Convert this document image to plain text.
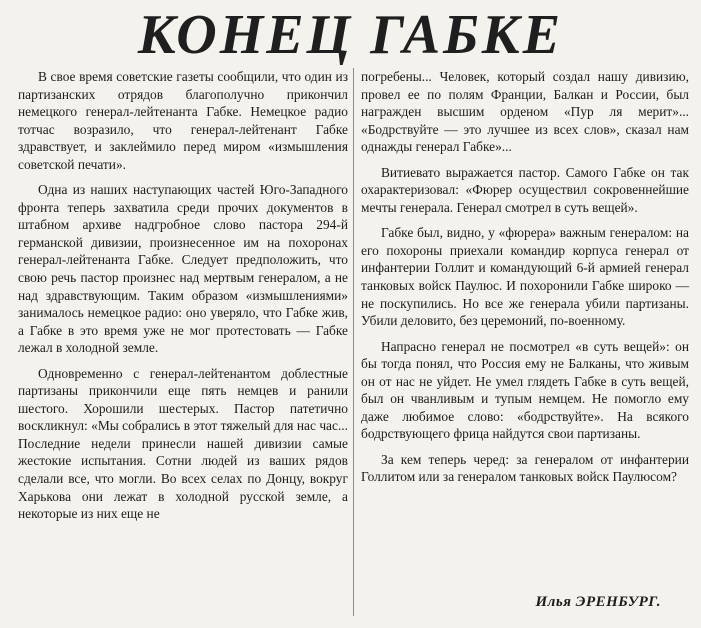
КОНЕЦ ГАБКЕ

В свое время советские газеты сообщили, что один из партизанских отрядов благополучно прикончил немецкого генерал-лейтенанта Габке. Немецкое радио тотчас возразило, что генерал-лейтенант Габке здравствует, и заклеймило перед миром «измышления советской печати».

Одна из наших наступающих частей Юго-Западного фронта теперь захватила среди прочих документов в штабном архиве надгробное слово пастора 294-й германской дивизии, произнесенное им на похоронах генерал-лейтенанта Габке. Следует предположить, что свою речь пастор произнес над мертвым генералом, а не над здравствующим. Таким образом «измышлениями» занималось немецкое радио: оно уверяло, что Габке жив, а Габке в это время уже не мог протестовать — Габке лежал в холодной земле.

Одновременно с генерал-лейтенантом доблестные партизаны прикончили еще пять немцев и ранили шестого. Хорошили шестерых. Пастор патетично воскликнул: «Мы собрались в этот тяжелый для нас час... Последние недели принесли нашей дивизии самые жестокие испытания. Сотни людей из ваших рядов сделали все, что могли. Во всех селах по Донцу, вокруг Харькова они лежат в холодной русской земле, а некоторые из них еще не

погребены... Человек, который создал нашу дивизию, провел ее по полям Франции, Балкан и России, был награжден высшим орденом «Пур ля мерит»... «Бодрствуйте — это лучшее из всех слов», сказал нам однажды генерал Габке»...

Витиевато выражается пастор. Самого Габке он так охарактеризовал: «Фюрер осуществил сокровеннейшие мечты генерала. Генерал смотрел в суть вещей».

Габке был, видно, у «фюрера» важным генералом: на его похороны приехали командир корпуса генерал от инфантерии Голлит и командующий 6-й армией генерал танковых войск Паулюс. И похоронили Габке широко — не поскупились. Но все же генерала убили партизаны. Убили деловито, без церемоний, по-военному.

Напрасно генерал не посмотрел «в суть вещей»: он бы тогда понял, что Россия ему не Балканы, что живым он от нас не уйдет. Не умел глядеть Габке в суть вещей, был он чванливым и тупым немцем. Не помогло ему даже любимое слово: «бодрствуйте». На всякого бодрствующего фрица найдутся свои партизаны.

За кем теперь черед: за генералом от инфантерии Голлитом или за генералом танковых войск Паулюсом?

Илья ЭРЕНБУРГ.
